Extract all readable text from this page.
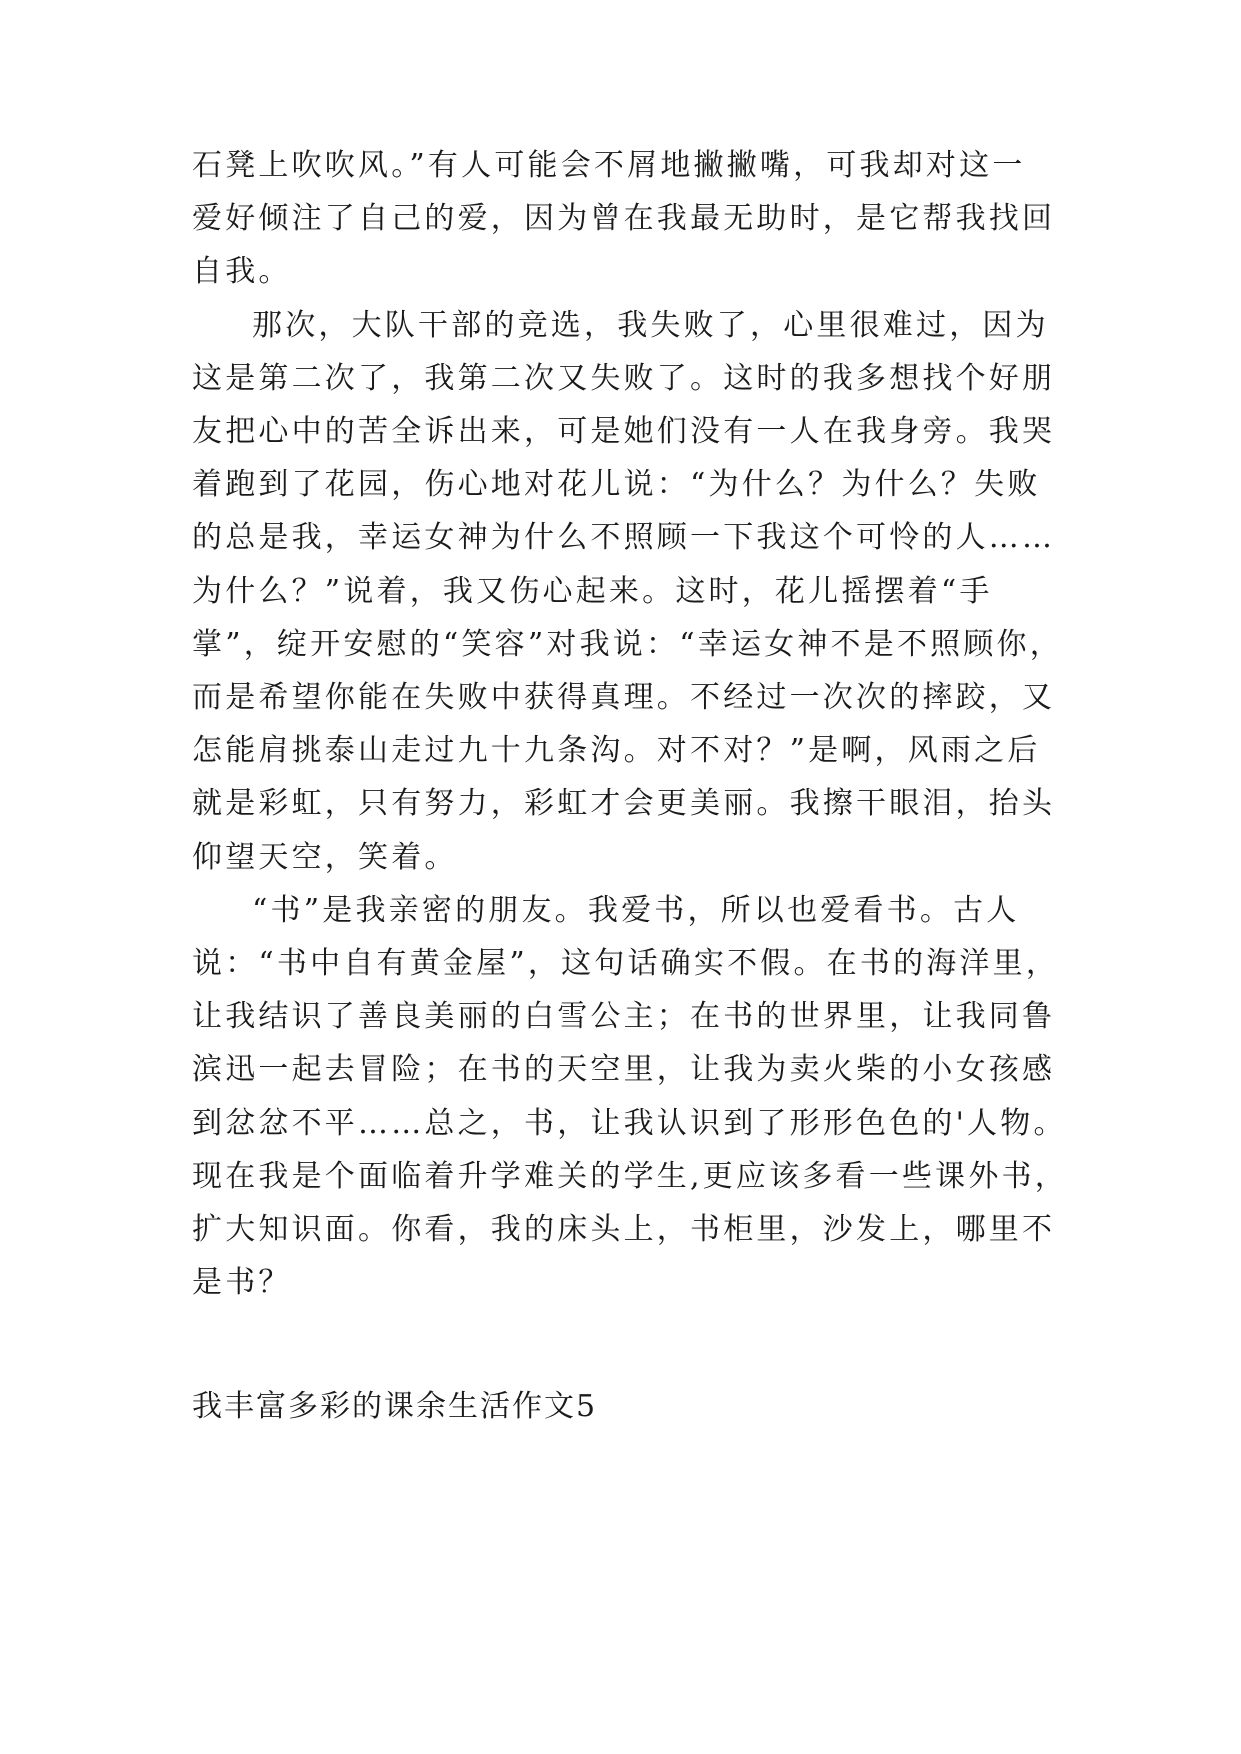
石凳上吹吹风。”有人可能会不屑地撇撇嘴，可我却对这一
爱好倾注了自己的爱，因为曾在我最无助时，是它帮我找回
自我。
那次，大队干部的竞选，我失败了，心里很难过，因为
这是第二次了，我第二次又失败了。这时的我多想找个好朋
友把心中的苦全诉出来，可是她们没有一人在我身旁。我哭
着跑到了花园，伤心地对花儿说：“为什么？为什么？失败
的总是我，幸运女神为什么不照顾一下我这个可怜的人……
为什么？”说着，我又伤心起来。这时，花儿摇摆着“手
掌”，绽开安慰的“笑容”对我说：“幸运女神不是不照顾你，
而是希望你能在失败中获得真理。不经过一次次的摔跤，又
怎能肩挑泰山走过九十九条沟。对不对？”是啊，风雨之后
就是彩虹，只有努力，彩虹才会更美丽。我擦干眼泪，抬头
仰望天空，笑着。
“书”是我亲密的朋友。我爱书，所以也爱看书。古人
说：“书中自有黄金屋”，这句话确实不假。在书的海洋里，
让我结识了善良美丽的白雪公主；在书的世界里，让我同鲁
滨迅一起去冒险；在书的天空里，让我为卖火柴的小女孩感
到忿忿不平……总之，书，让我认识到了形形色色的'人物。
现在我是个面临着升学难关的学生,更应该多看一些课外书，
扩大知识面。你看，我的床头上，书柜里，沙发上，哪里不
是书？
我丰富多彩的课余生活作文5
